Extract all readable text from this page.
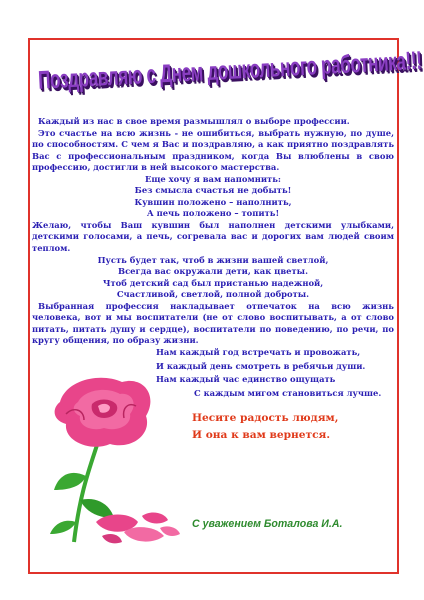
Поздравляю с Днем дошкольного работника!!!

Каждый из нас в свое время размышлял о выборе профессии.

Это счастье на всю жизнь - не ошибиться, выбрать нужную, по душе, по способностям. С чем я Вас и поздравляю, а как приятно поздравлять Вас с профессиональным праздником, когда Вы влюблены в свою профессию, достигли в ней высокого мастерства.

Еще хочу я вам напомнить:

Без смысла счастья не добыть!

Кувшин положено – наполнить,

А печь положено – топить!

Желаю, чтобы Ваш кувшин был наполнен детскими улыбками, детскими голосами, а печь, согревала вас и дорогих вам людей своим теплом.

Пусть будет так, чтоб в жизни вашей светлой,

Всегда вас окружали дети, как цветы.

Чтоб детский сад был пристанью надежной,

Счастливой, светлой, полной доброты.

Выбранная профессия накладывает отпечаток на всю жизнь человека, вот и мы воспитатели (не от слово воспитывать, а от слово питать, питать душу и сердце), воспитатели по поведению, по речи, по кругу общения, по образу жизни.

Нам каждый год встречать и провожать,

И каждый день смотреть в ребячьи души.

Нам каждый час единство ощущать

С каждым мигом становиться лучше.

Несите радость людям,

И она к вам вернется.

С уважением Боталова И.А.
